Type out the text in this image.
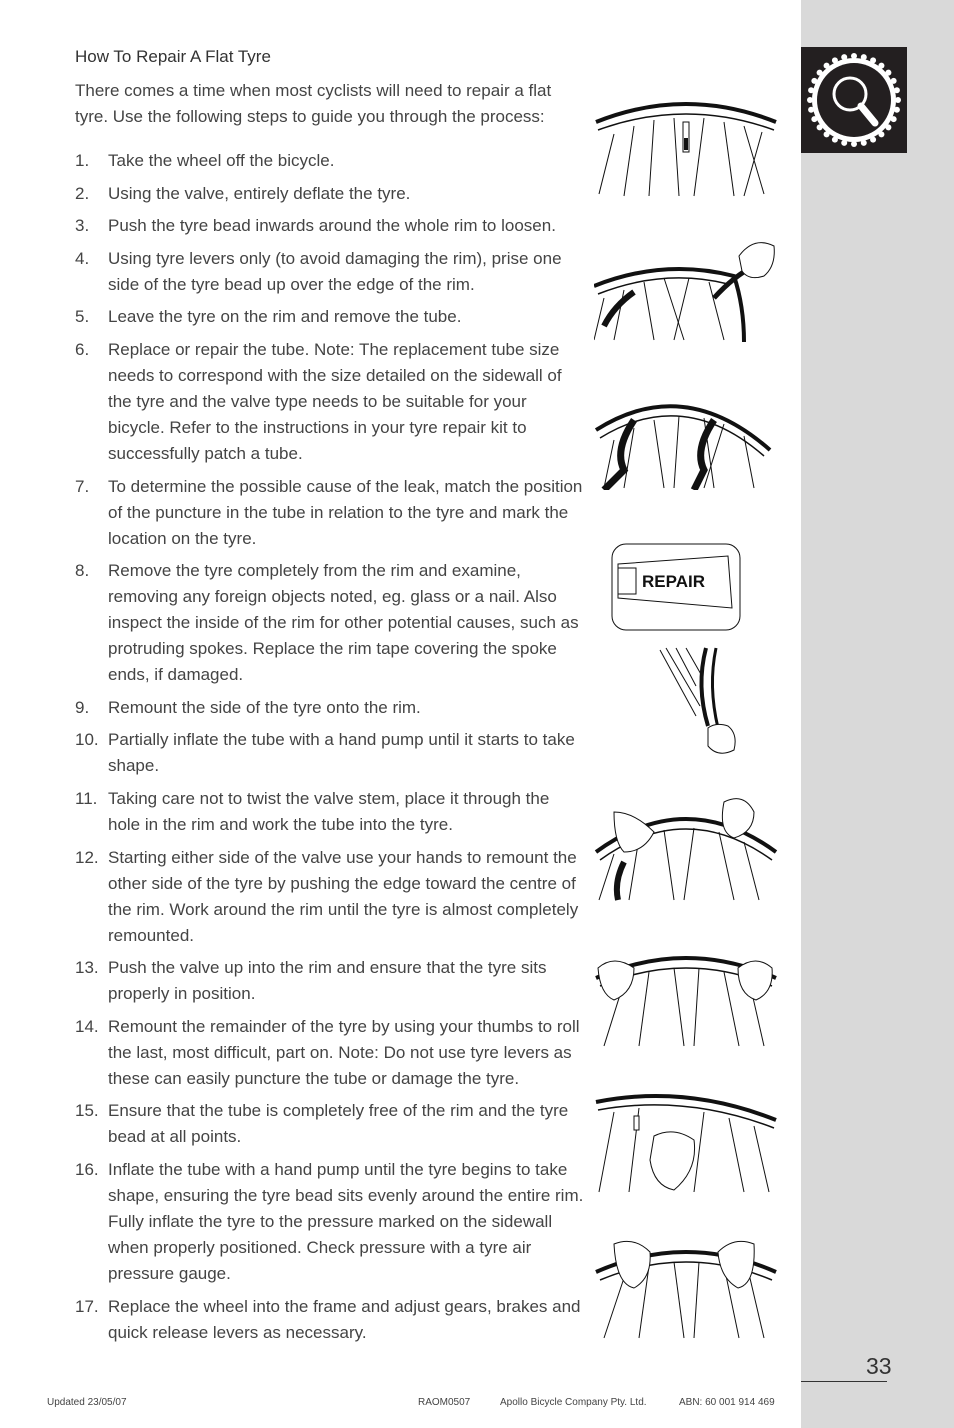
How To Repair A Flat Tyre
There comes a time when most cyclists will need to repair a flat tyre. Use the following steps to guide you through the process:
1. Take the wheel off the bicycle.
2. Using the valve, entirely deflate the tyre.
3. Push the tyre bead inwards around the whole rim to loosen.
4. Using tyre levers only (to avoid damaging the rim), prise one side of the tyre bead up over the edge of the rim.
5. Leave the tyre on the rim and remove the tube.
6. Replace or repair the tube. Note: The replacement tube size needs to correspond with the size detailed on the sidewall of the tyre and the valve type needs to be suitable for your bicycle. Refer to the instructions in your tyre repair kit to successfully patch a tube.
7. To determine the possible cause of the leak, match the position of the puncture in the tube in relation to the tyre and mark the location on the tyre.
8. Remove the tyre completely from the rim and examine, removing any foreign objects noted, eg. glass or a nail. Also inspect the inside of the rim for other potential causes, such as protruding spokes. Replace the rim tape covering the spoke ends, if damaged.
9. Remount the side of the tyre onto the rim.
10. Partially inflate the tube with a hand pump until it starts to take shape.
11. Taking care not to twist the valve stem, place it through the hole in the rim and work the tube into the tyre.
12. Starting either side of the valve use your hands to remount the other side of the tyre by pushing the edge toward the centre of the rim. Work around the rim until the tyre is almost completely remounted.
13. Push the valve up into the rim and ensure that the tyre sits properly in position.
14. Remount the remainder of the tyre by using your thumbs to roll the last, most difficult, part on. Note: Do not use tyre levers as these can easily puncture the tube or damage the tyre.
15. Ensure that the tube is completely free of the rim and the tyre bead at all points.
16. Inflate the tube with a hand pump until the tyre begins to take shape, ensuring the tyre bead sits evenly around the entire rim. Fully inflate the tyre to the pressure marked on the sidewall when properly positioned. Check pressure with a tyre air pressure gauge.
17. Replace the wheel into the frame and adjust gears, brakes and quick release levers as necessary.
REPAIR
33
Updated 23/05/07	RAOM0507	Apollo Bicycle Company Pty. Ltd.	ABN: 60 001 914 469
